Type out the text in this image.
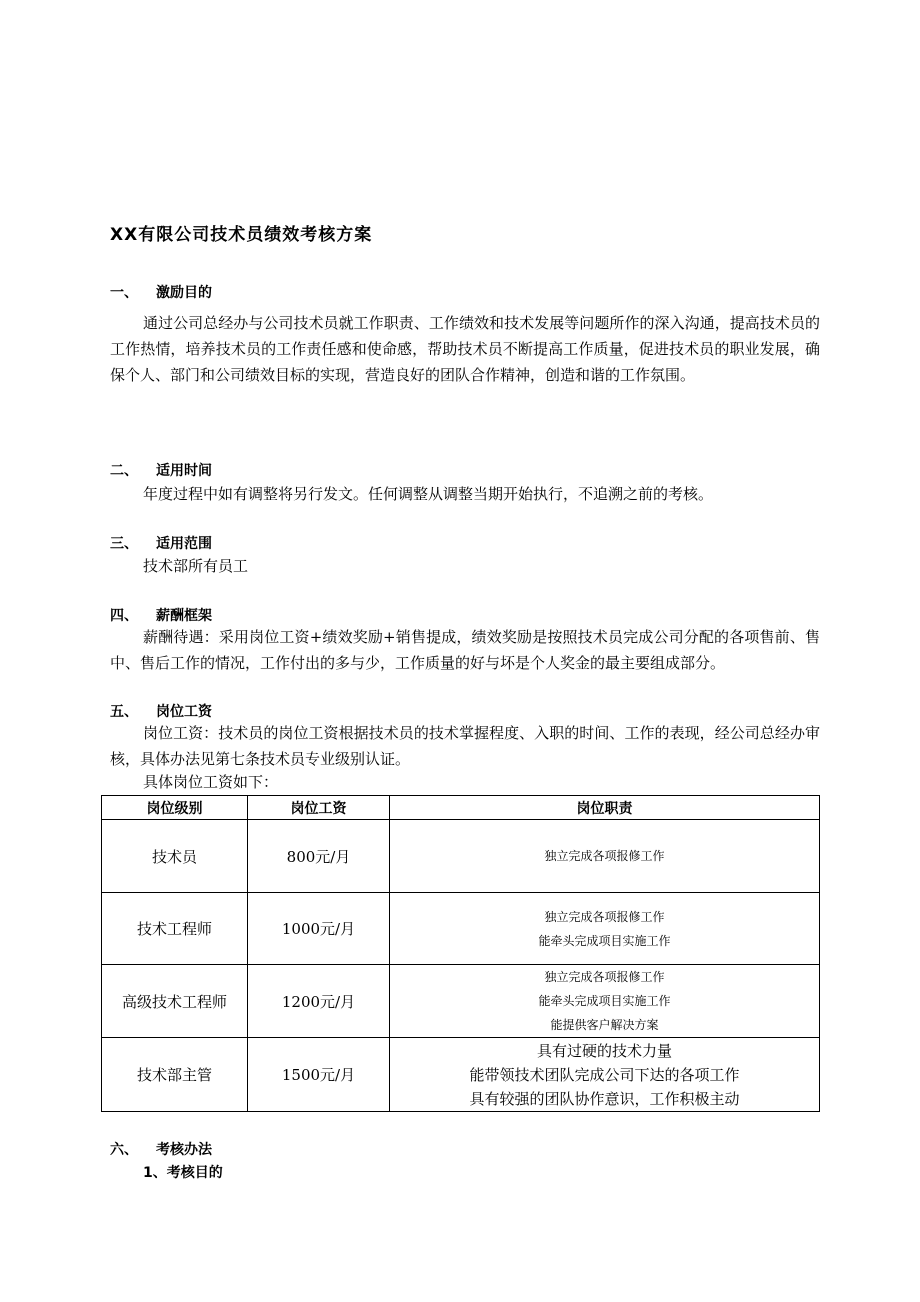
XX有限公司技术员绩效考核方案
一、 激励目的
通过公司总经办与公司技术员就工作职责、工作绩效和技术发展等问题所作的深入沟通，提高技术员的工作热情，培养技术员的工作责任感和使命感，帮助技术员不断提高工作质量，促进技术员的职业发展，确保个人、部门和公司绩效目标的实现，营造良好的团队合作精神，创造和谐的工作氛围。
二、 适用时间
年度过程中如有调整将另行发文。任何调整从调整当期开始执行，不追溯之前的考核。
三、 适用范围
技术部所有员工
四、 薪酬框架
薪酬待遇：采用岗位工资+绩效奖励+销售提成，绩效奖励是按照技术员完成公司分配的各项售前、售中、售后工作的情况，工作付出的多与少，工作质量的好与坏是个人奖金的最主要组成部分。
五、 岗位工资
岗位工资：技术员的岗位工资根据技术员的技术掌握程度、入职的时间、工作的表现，经公司总经办审核，具体办法见第七条技术员专业级别认证。
具体岗位工资如下：
岗位级别	岗位工资	岗位职责
技术员	800元/月	独立完成各项报修工作

技术工程师	1000元/月	独立完成各项报修工作
能牵头完成项目实施工作

高级技术工程师	1200元/月	独立完成各项报修工作
能牵头完成项目实施工作
能提供客户解决方案

技术部主管	1500元/月	具有过硬的技术力量
能带领技术团队完成公司下达的各项工作
具有较强的团队协作意识，工作积极主动
六、 考核办法
1、考核目的
